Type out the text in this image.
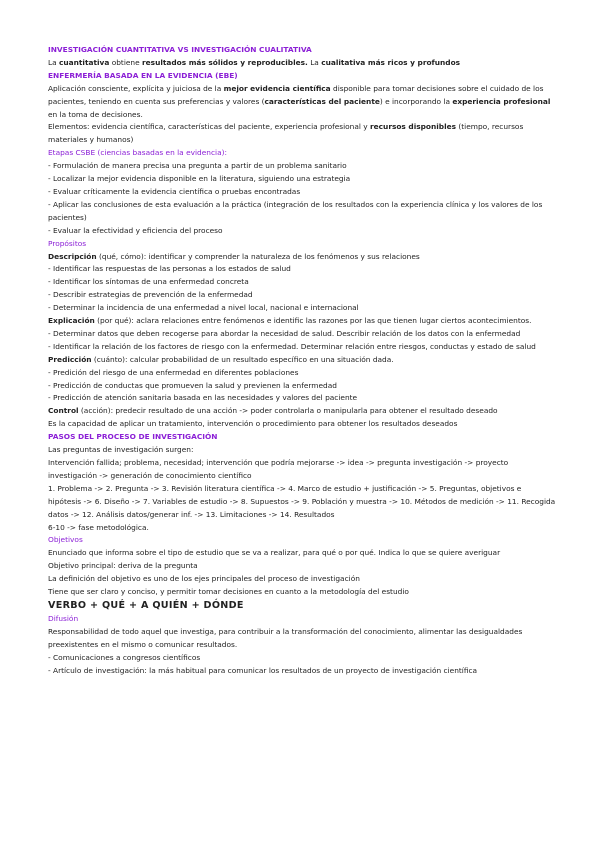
INVESTIGACIÓN CUANTITATIVA VS INVESTIGACIÓN CUALITATIVA
La cuantitativa obtiene resultados más sólidos y reproducibles. La cualitativa más ricos y profundos
ENFERMERÍA BASADA EN LA EVIDENCIA (EBE)
Aplicación consciente, explícita y juiciosa de la mejor evidencia científica disponible para tomar decisiones sobre el cuidado de los pacientes, teniendo en cuenta sus preferencias y valores (características del paciente) e incorporando la experiencia profesional en la toma de decisiones.
Elementos: evidencia científica, características del paciente, experiencia profesional y recursos disponibles (tiempo, recursos materiales y humanos)
Etapas CSBE (ciencias basadas en la evidencia):
- Formulación de manera precisa una pregunta a partir de un problema sanitario
- Localizar la mejor evidencia disponible en la literatura, siguiendo una estrategia
- Evaluar críticamente la evidencia científica o pruebas encontradas
- Aplicar las conclusiones de esta evaluación a la práctica (integración de los resultados con la experiencia clínica y los valores de los pacientes)
- Evaluar la efectividad y eficiencia del proceso
Propósitos
Descripción (qué, cómo): identificar y comprender la naturaleza de los fenómenos y sus relaciones
- Identificar las respuestas de las personas a los estados de salud
- Identificar los síntomas de una enfermedad concreta
- Describir estrategias de prevención de la enfermedad
- Determinar la incidencia de una enfermedad a nivel local, nacional e internacional
Explicación (por qué): aclara relaciones entre fenómenos e identific las razones por las que tienen lugar ciertos acontecimientos.
- Determinar datos que deben recogerse para abordar la necesidad de salud. Describir relación de los datos con la enfermedad
- Identificar la relación de los factores de riesgo con la enfermedad. Determinar relación entre riesgos, conductas y estado de salud
Predicción (cuánto): calcular probabilidad de un resultado específico en una situación dada.
- Predición del riesgo de una enfermedad en diferentes poblaciones
- Predicción de conductas que promueven la salud y previenen la enfermedad
- Predicción de atención sanitaria basada en las necesidades y valores del paciente
Control (acción): predecir resultado de una acción -> poder controlarla o manipularla para obtener el resultado deseado
Es la capacidad de aplicar un tratamiento, intervención o procedimiento para obtener los resultados deseados
PASOS DEL PROCESO DE INVESTIGACIÓN
Las preguntas de investigación surgen:
Intervención fallida; problema, necesidad; intervención que podría mejorarse -> idea -> pregunta investigación -> proyecto investigación -> generación de conocimiento científico
1. Problema -> 2. Pregunta -> 3. Revisión literatura científica -> 4. Marco de estudio + justificación -> 5. Preguntas, objetivos e hipótesis -> 6. Diseño -> 7. Variables de estudio -> 8. Supuestos -> 9. Población y muestra -> 10. Métodos de medición -> 11. Recogida datos -> 12. Análisis datos/generar inf. -> 13. Limitaciones -> 14. Resultados
6-10 -> fase metodológica.
Objetivos
Enunciado que informa sobre el tipo de estudio que se va a realizar, para qué o por qué. Indica lo que se quiere averiguar
Objetivo principal: deriva de la pregunta
La definición del objetivo es uno de los ejes principales del proceso de investigación
Tiene que ser claro y conciso, y permitir tomar decisiones en cuanto a la metodología del estudio
VERBO + QUÉ + A QUIÉN + DÓNDE
Difusión
Responsabilidad de todo aquel que investiga, para contribuir a la transformación del conocimiento, alimentar las desigualdades preexistentes en el mismo o comunicar resultados.
- Comunicaciones a congresos científicos
- Artículo de investigación: la más habitual para comunicar los resultados de un proyecto de investigación científica
